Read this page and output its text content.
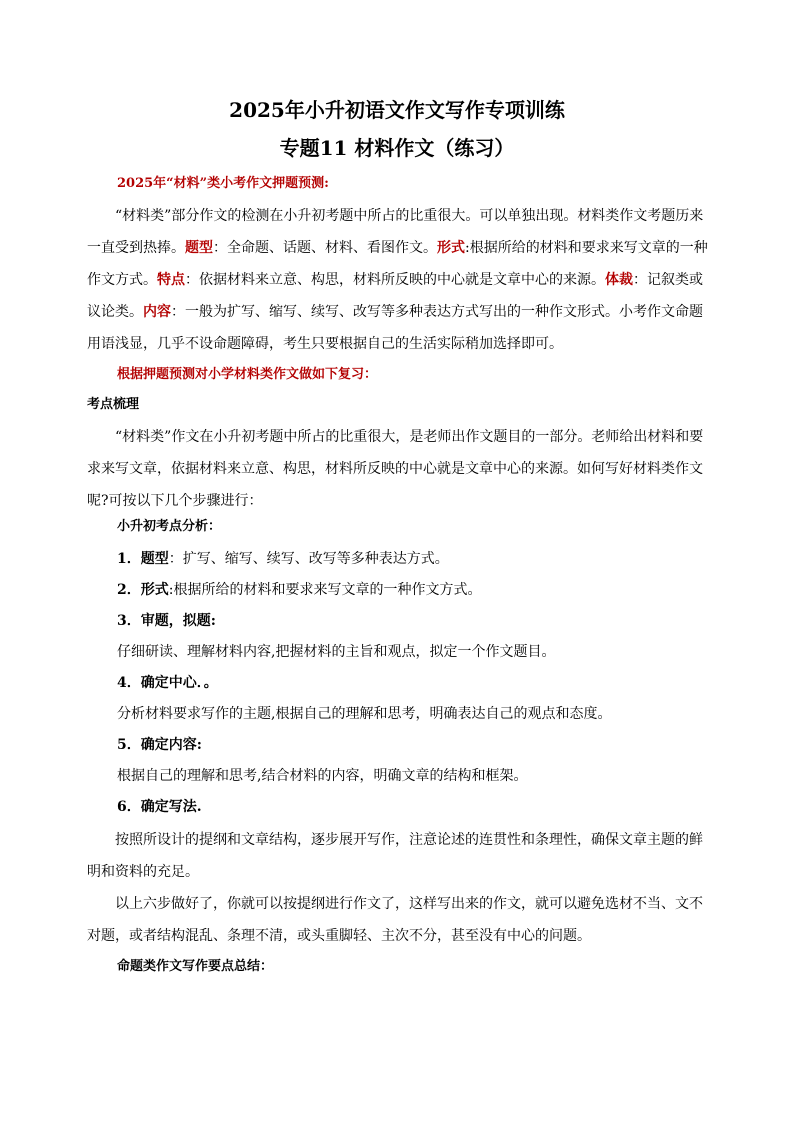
2025年小升初语文作文写作专项训练
专题11 材料作文（练习）
2025年“材料”类小考作文押题预测:
“材料类”部分作文的检测在小升初考题中所占的比重很大。可以单独出现。材料类作文考题历来一直受到热捧。题型：全命题、话题、材料、看图作文。形式:根据所给的材料和要求来写文章的一种作文方式。特点：依据材料来立意、构思，材料所反映的中心就是文章中心的来源。体裁：记叙类或议论类。内容：一般为扩写、缩写、续写、改写等多种表达方式写出的一种作文形式。小考作文命题用语浅显，几乎不设命题障碍，考生只要根据自己的生活实际稍加选择即可。
根据押题预测对小学材料类作文做如下复习：
考点梳理
“材料类”作文在小升初考题中所占的比重很大，是老师出作文题目的一部分。老师给出材料和要求来写文章，依据材料来立意、构思，材料所反映的中心就是文章中心的来源。如何写好材料类作文呢?可按以下几个步骤进行：
小升初考点分析：
1．题型：扩写、缩写、续写、改写等多种表达方式。
2．形式:根据所给的材料和要求来写文章的一种作文方式。
3．审题，拟题:
仔细研读、理解材料内容,把握材料的主旨和观点，拟定一个作文题目。
4．确定中心．。
分析材料要求写作的主题,根据自己的理解和思考，明确表达自己的观点和态度。
5．确定内容:
根据自己的理解和思考,结合材料的内容，明确文章的结构和框架。
6．确定写法.
按照所设计的提纲和文章结构，逐步展开写作，注意论述的连贯性和条理性，确保文章主题的鲜明和资料的充足。
以上六步做好了，你就可以按提纲进行作文了，这样写出来的作文，就可以避免选材不当、文不对题，或者结构混乱、条理不清，或头重脚轻、主次不分，甚至没有中心的问题。
命题类作文写作要点总结：
